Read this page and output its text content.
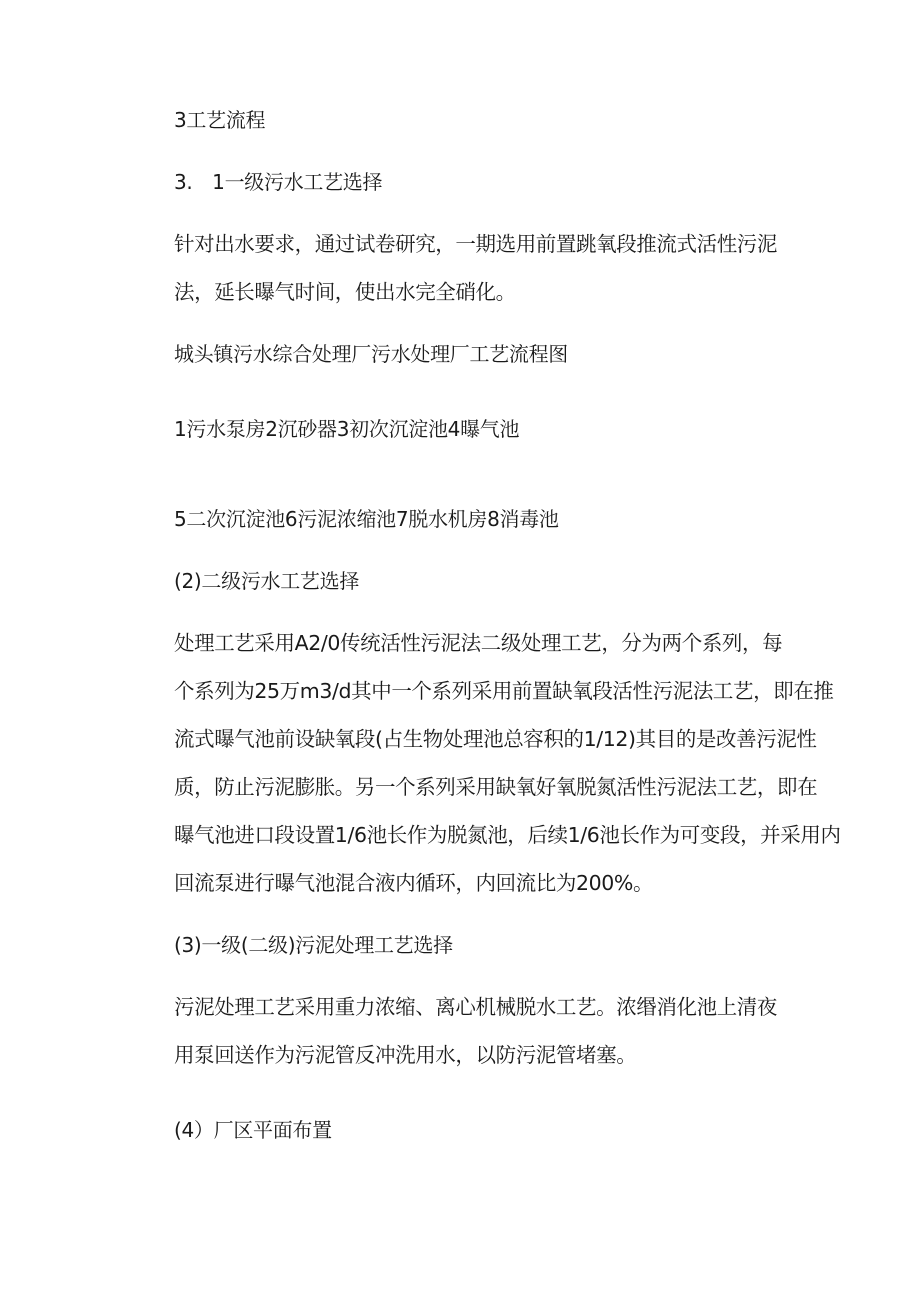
3工艺流程
3.　1一级污水工艺选择
针对出水要求，通过试卷研究，一期选用前置跳氧段推流式活性污泥
法，延长曝气时间，使出水完全硝化。
城头镇污水综合处理厂污水处理厂工艺流程图
1污水泵房2沉砂器3初次沉淀池4曝气池
5二次沉淀池6污泥浓缩池7脱水机房8消毒池
(2)二级污水工艺选择
处理工艺采用A2/0传统活性污泥法二级处理工艺，分为两个系列，每
个系列为25万m3/d其中一个系列采用前置缺氧段活性污泥法工艺，即在推
流式曝气池前设缺氧段(占生物处理池总容积的1/12)其目的是改善污泥性
质，防止污泥膨胀。另一个系列采用缺氧好氧脱氮活性污泥法工艺，即在
曝气池进口段设置1/6池长作为脱氮池，后续1/6池长作为可变段，并采用内
回流泵进行曝气池混合液内循环，内回流比为200%。
(3)一级(二级)污泥处理工艺选择
污泥处理工艺采用重力浓缩、离心机械脱水工艺。浓缗消化池上清夜
用泵回送作为污泥管反冲洗用水，以防污泥管堵塞。
(4）厂区平面布置
